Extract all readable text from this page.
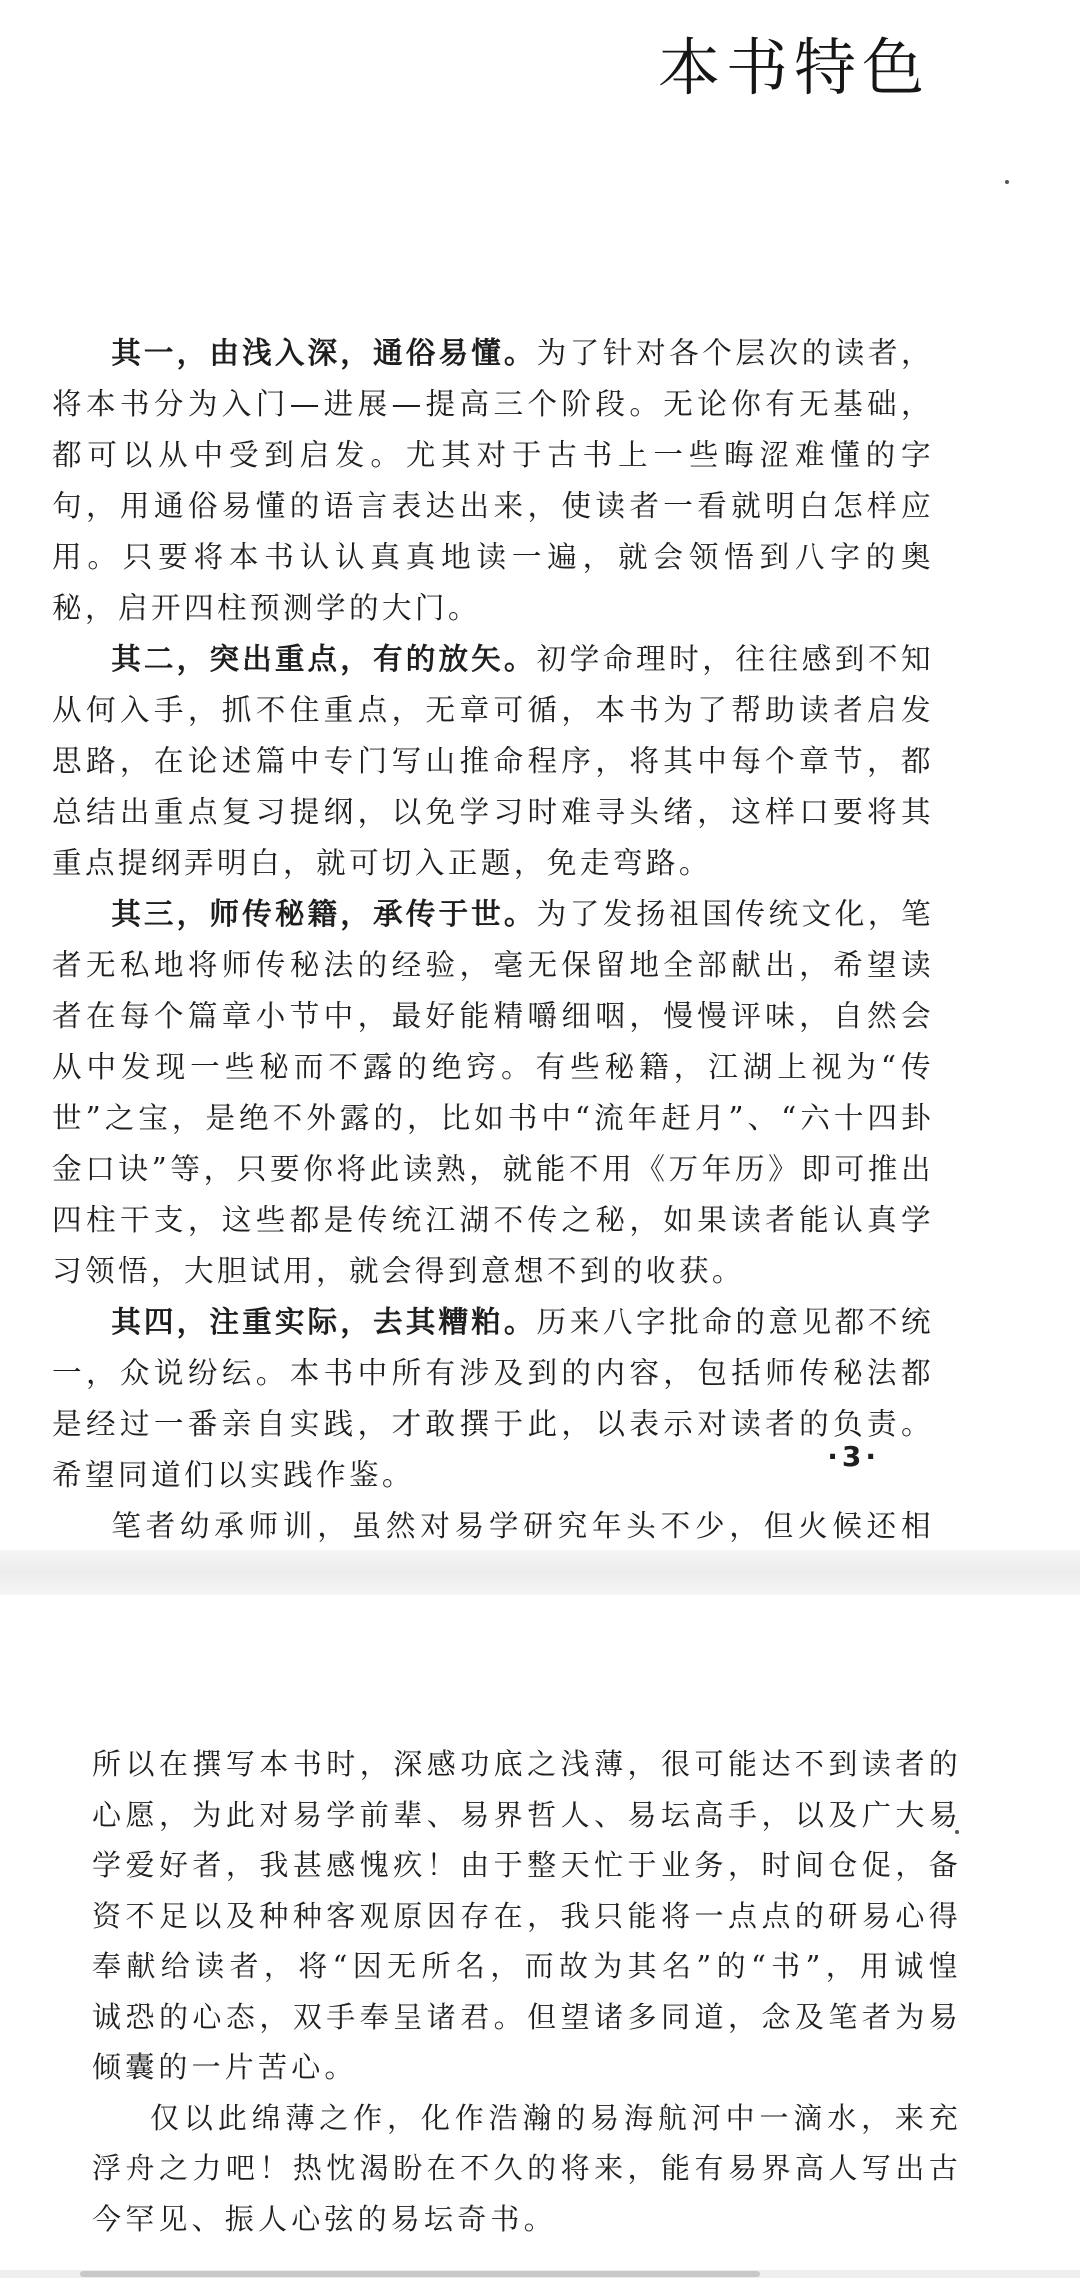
本书特色

其一，由浅入深，通俗易懂。为了针对各个层次的读者，将本书分为入门—进展—提高三个阶段。无论你有无基础，都可以从中受到启发。尤其对于古书上一些晦涩难懂的字句，用通俗易懂的语言表达出来，使读者一看就明白怎样应用。只要将本书认认真真地读一遍，就会领悟到八字的奥秘，启开四柱预测学的大门。

其二，突出重点，有的放矢。初学命理时，往往感到不知从何入手，抓不住重点，无章可循，本书为了帮助读者启发思路，在论述篇中专门写山推命程序，将其中每个章节，都总结出重点复习提纲，以免学习时难寻头绪，这样口要将其重点提纲弄明白，就可切入正题，免走弯路。

其三，师传秘籍，承传于世。为了发扬祖国传统文化，笔者无私地将师传秘法的经验，毫无保留地全部献出，希望读者在每个篇章小节中，最好能精嚼细咽，慢慢评味，自然会从中发现一些秘而不露的绝窍。有些秘籍，江湖上视为“传世”之宝，是绝不外露的，比如书中“流年赶月”、“六十四卦金口诀”等，只要你将此读熟，就能不用《万年历》即可推出四柱干支，这些都是传统江湖不传之秘，如果读者能认真学习领悟，大胆试用，就会得到意想不到的收获。

其四，注重实际，去其糟粕。历来八字批命的意见都不统一，众说纷纭。本书中所有涉及到的内容，包括师传秘法都是经过一番亲自实践，才敢撰于此，以表示对读者的负责。希望同道们以实践作鉴。

笔者幼承师训，虽然对易学研究年头不少，但火候还相

·3·

所以在撰写本书时，深感功底之浅薄，很可能达不到读者的心愿，为此对易学前辈、易界哲人、易坛高手，以及广大易学爱好者，我甚感愧疚！由于整天忙于业务，时间仓促，备资不足以及种种客观原因存在，我只能将一点点的研易心得奉献给读者，将“因无所名，而故为其名”的“书”，用诚惶诚恐的心态，双手奉呈诸君。但望诸多同道，念及笔者为易倾囊的一片苦心。

仅以此绵薄之作，化作浩瀚的易海航河中一滴水，来充浮舟之力吧！热忱渴盼在不久的将来，能有易界高人写出古今罕见、振人心弦的易坛奇书。
